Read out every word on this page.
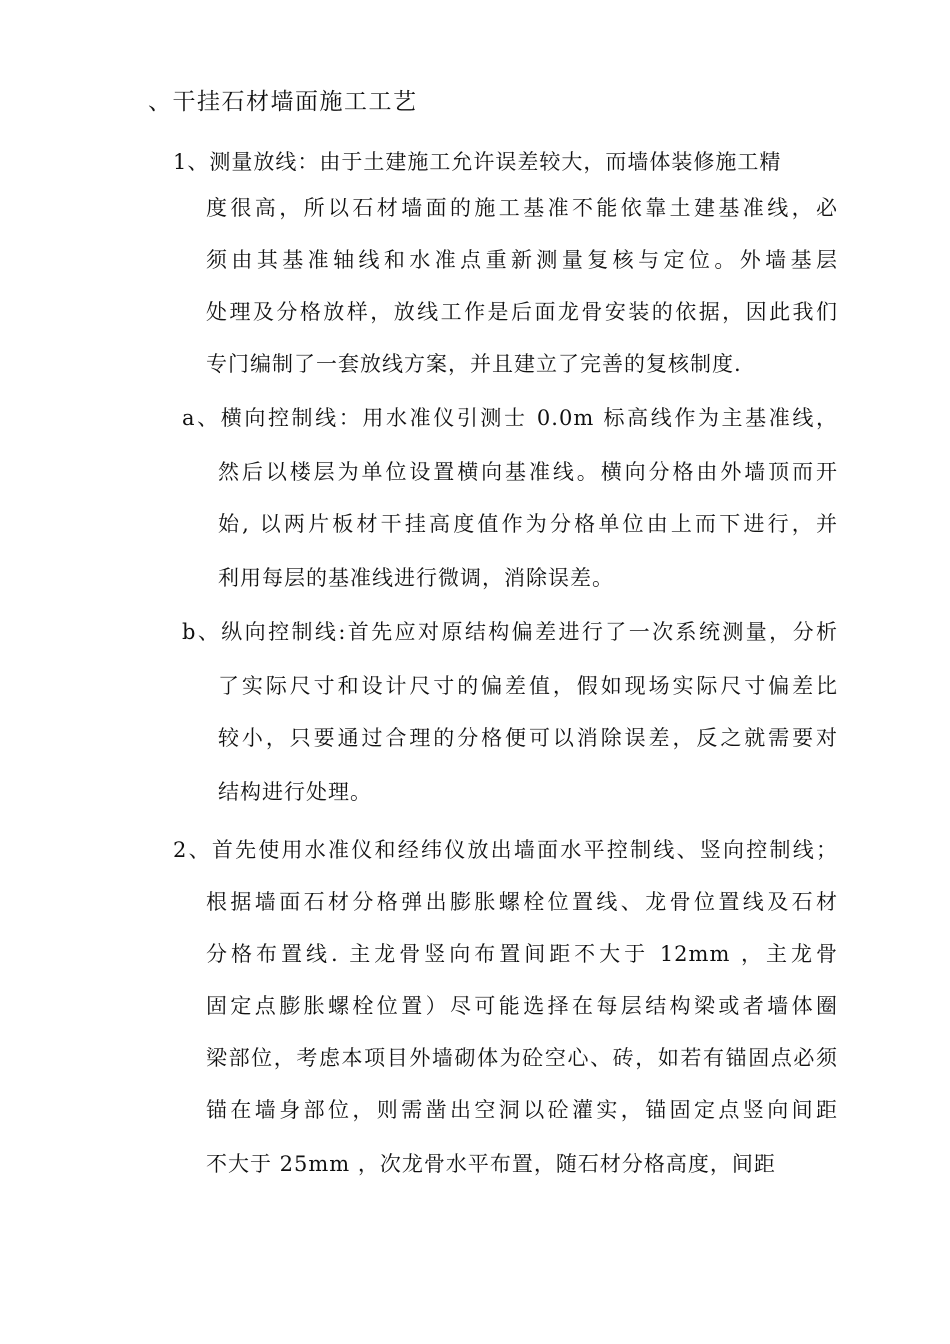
、干挂石材墙面施工工艺
1、测量放线：由于土建施工允许误差较大，而墙体装修施工精
度很高，所以石材墙面的施工基准不能依靠土建基准线，必
须由其基准轴线和水准点重新测量复核与定位。外墙基层
处理及分格放样，放线工作是后面龙骨安装的依据，因此我们
专门编制了一套放线方案，并且建立了完善的复核制度.
a、横向控制线：用水准仪引测士 0.0m 标高线作为主基准线，
然后以楼层为单位设置横向基准线。横向分格由外墙顶而开
始, 以两片板材干挂高度值作为分格单位由上而下进行，并
利用每层的基准线进行微调，消除误差。
b、纵向控制线:首先应对原结构偏差进行了一次系统测量，分析
了实际尺寸和设计尺寸的偏差值，假如现场实际尺寸偏差比
较小，只要通过合理的分格便可以消除误差，反之就需要对
结构进行处理。
2、首先使用水准仪和经纬仪放出墙面水平控制线、竖向控制线；
根据墙面石材分格弹出膨胀螺栓位置线、龙骨位置线及石材
分格布置线. 主龙骨竖向布置间距不大于 12mm ，主龙骨
固定点膨胀螺栓位置）尽可能选择在每层结构梁或者墙体圈
梁部位，考虑本项目外墙砌体为砼空心、砖，如若有锚固点必须
锚在墙身部位，则需凿出空洞以砼灌实，锚固定点竖向间距
不大于 25mm ，次龙骨水平布置，随石材分格高度，间距
